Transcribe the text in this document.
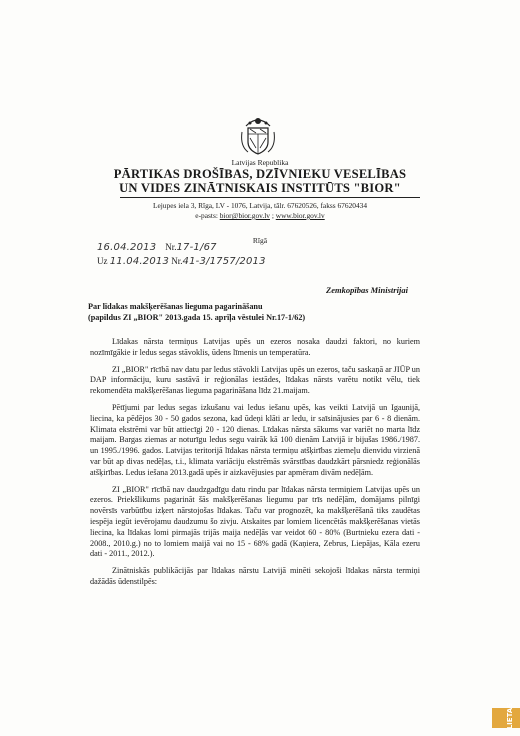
Latvijas Republika
PĀRTIKAS DROŠĪBAS, DZĪVNIEKU VESELĪBAS
UN VIDES ZINĀTNISKAIS INSTITŪTS "BIOR"
Lejupes iela 3, Rīga, LV - 1076, Latvija, tālr. 67620526, fakss 67620434
e-pasts: bior@bior.gov.lv ; www.bior.gov.lv
Rīgā
16.04.2013 Nr.17-1/67
Uz 11.04.2013 Nr.41-3/1757/2013
Zemkopības Ministrijai
Par līdakas makšķerēšanas lieguma pagarināšanu
(papildus ZI „BIOR" 2013.gada 15. aprīļa vēstulei Nr.17-1/62)

Līdakas nārsta termiņus Latvijas upēs un ezeros nosaka daudzi faktori, no kuriem nozīmīgākie ir ledus segas stāvoklis, ūdens līmenis un temperatūra.

ZI „BIOR" rīcībā nav datu par ledus stāvokli Latvijas upēs un ezeros, taču saskaņā ar JIŪP un DAP informāciju, kuru sastāvā ir reģionālas iestādes, līdakas nārsts varētu notikt vēlu, tiek rekomendēta makšķerēšanas lieguma pagarināšana līdz 21.maijam.

Pētījumi par ledus segas izkušanu vai ledus iešanu upēs, kas veikti Latvijā un Igaunijā, liecina, ka pēdējos 30 - 50 gados sezona, kad ūdeņi klāti ar ledu, ir saīsinājusies par 6 - 8 dienām. Klimata ekstrēmi var būt attiecīgi 20 - 120 dienas. Līdakas nārsta sākums var variēt no marta līdz maijam. Bargas ziemas ar noturīgu ledus segu vairāk kā 100 dienām Latvijā ir bijušas 1986./1987. un 1995./1996. gados. Latvijas teritorijā līdakas nārsta termiņu atšķirības ziemeļu dienvidu virzienā var būt ap divas nedēļas, t.i., klimata variāciju ekstrēmās svārstības daudzkārt pārsniedz reģionālās atšķirības. Ledus iešana 2013.gadā upēs ir aizkavējusies par apmēram divām nedēļām.

ZI „BIOR" rīcībā nav daudzgadīgu datu rindu par līdakas nārsta termiņiem Latvijas upēs un ezeros. Priekšlikums pagarināt šās makšķerēšanas liegumu par trīs nedēļām, domājams pilnīgi novērsīs varbūtību izķert nārstojošas līdakas. Taču var prognozēt, ka makšķerēšanā tiks zaudētas iespēja iegūt ievērojamu daudzumu šo zivju. Atskaites par lomiem licencētās makšķerēšanas vietās liecina, ka līdakas lomi pirmajās trijās maija nedēļās var veidot 60 - 80% (Burtnieku ezera dati - 2008., 2010.g.) no to lomiem maijā vai no 15 - 68% gadā (Kaņiera, Zebrus, Liepājas, Kāla ezeru dati - 2011., 2012.).

Zinātniskās publikācijās par līdakas nārstu Latvijā minēti sekojoši līdakas nārsta termiņi dažādās ūdenstilpēs:

LIETAS
